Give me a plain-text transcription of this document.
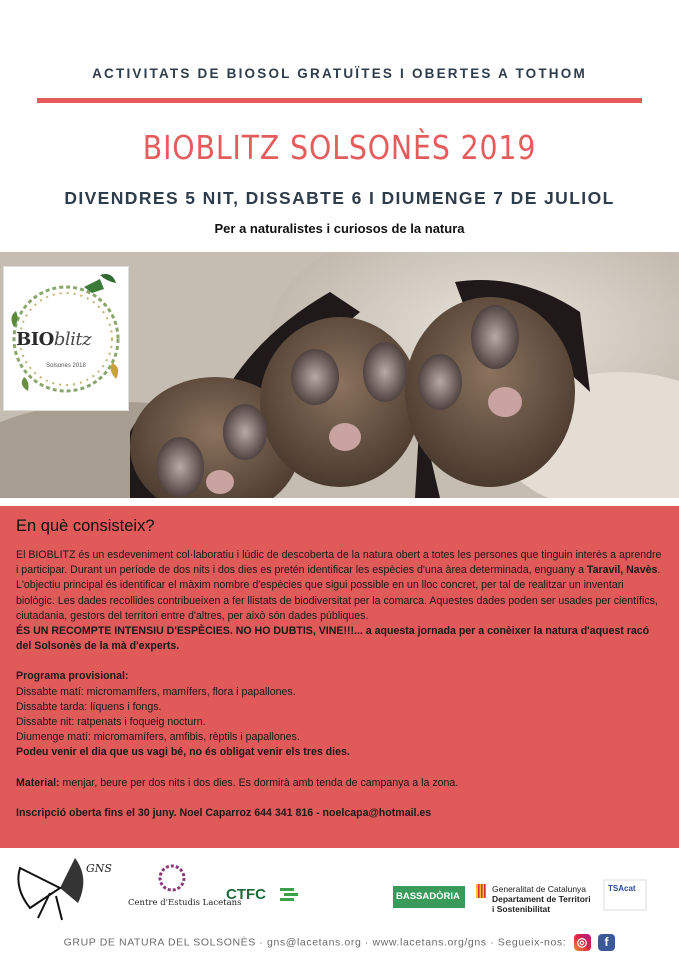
ACTIVITATS DE BIOSOL GRATUÏTES I OBERTES A TOTHOM
BIOBLITZ SOLSONÈS 2019
DIVENDRES 5 NIT, DISSABTE 6 I DIUMENGE 7 DE JULIOL
Per a naturalistes i curiosos de la natura
BIOblitz
Solsonès 2018
En què consisteix?

El BIOBLITZ és un esdeveniment col·laboratiu i lúdic de descoberta de la natura obert a totes les persones que tinguin interès a aprendre i participar. Durant un període de dos nits i dos dies es pretén identificar les espècies d'una àrea determinada, enguany a Taravil, Navès. L'objectiu principal és identificar el màxim nombre d'espècies que sigui possible en un lloc concret, per tal de realitzar un inventari biològic. Les dades recollides contribueixen a fer llistats de biodiversitat per la comarca. Aquestes dades poden ser usades per científics, ciutadania, gestors del territori entre d'altres, per això són dades públiques.

ÉS UN RECOMPTE INTENSIU D'ESPÈCIES. NO HO DUBTIS, VINE!!!... a aquesta jornada per a conèixer la natura d'aquest racó del Solsonès de la mà d'experts.

Programa provisional:

Dissabte matí: micromamífers, mamífers, flora i papallones.

Dissabte tarda: líquens i fongs.

Dissabte nit: ratpenats i foqueig nocturn.

Diumenge matí: micromamífers, amfibis, rèptils i papallones.

Podeu venir el dia que us vagi bé, no és obligat venir els tres dies.

Material: menjar, beure per dos nits i dos dies. Es dormirà amb tenda de campanya a la zona.

Inscripció oberta fins el 30 juny. Noel Caparroz 644 341 816 - noelcapa@hotmail.es

GNS
Centre d'Estudis Lacetans
CTFC	BASSADÒRIA
Generalitat de Catalunya
Departament de Territori
i Sostenibilitat
TSAcat
GRUP DE NATURA DEL SOLSONÈS · gns@lacetans.org · www.lacetans.org/gns · Segueix-nos: ◎ f
